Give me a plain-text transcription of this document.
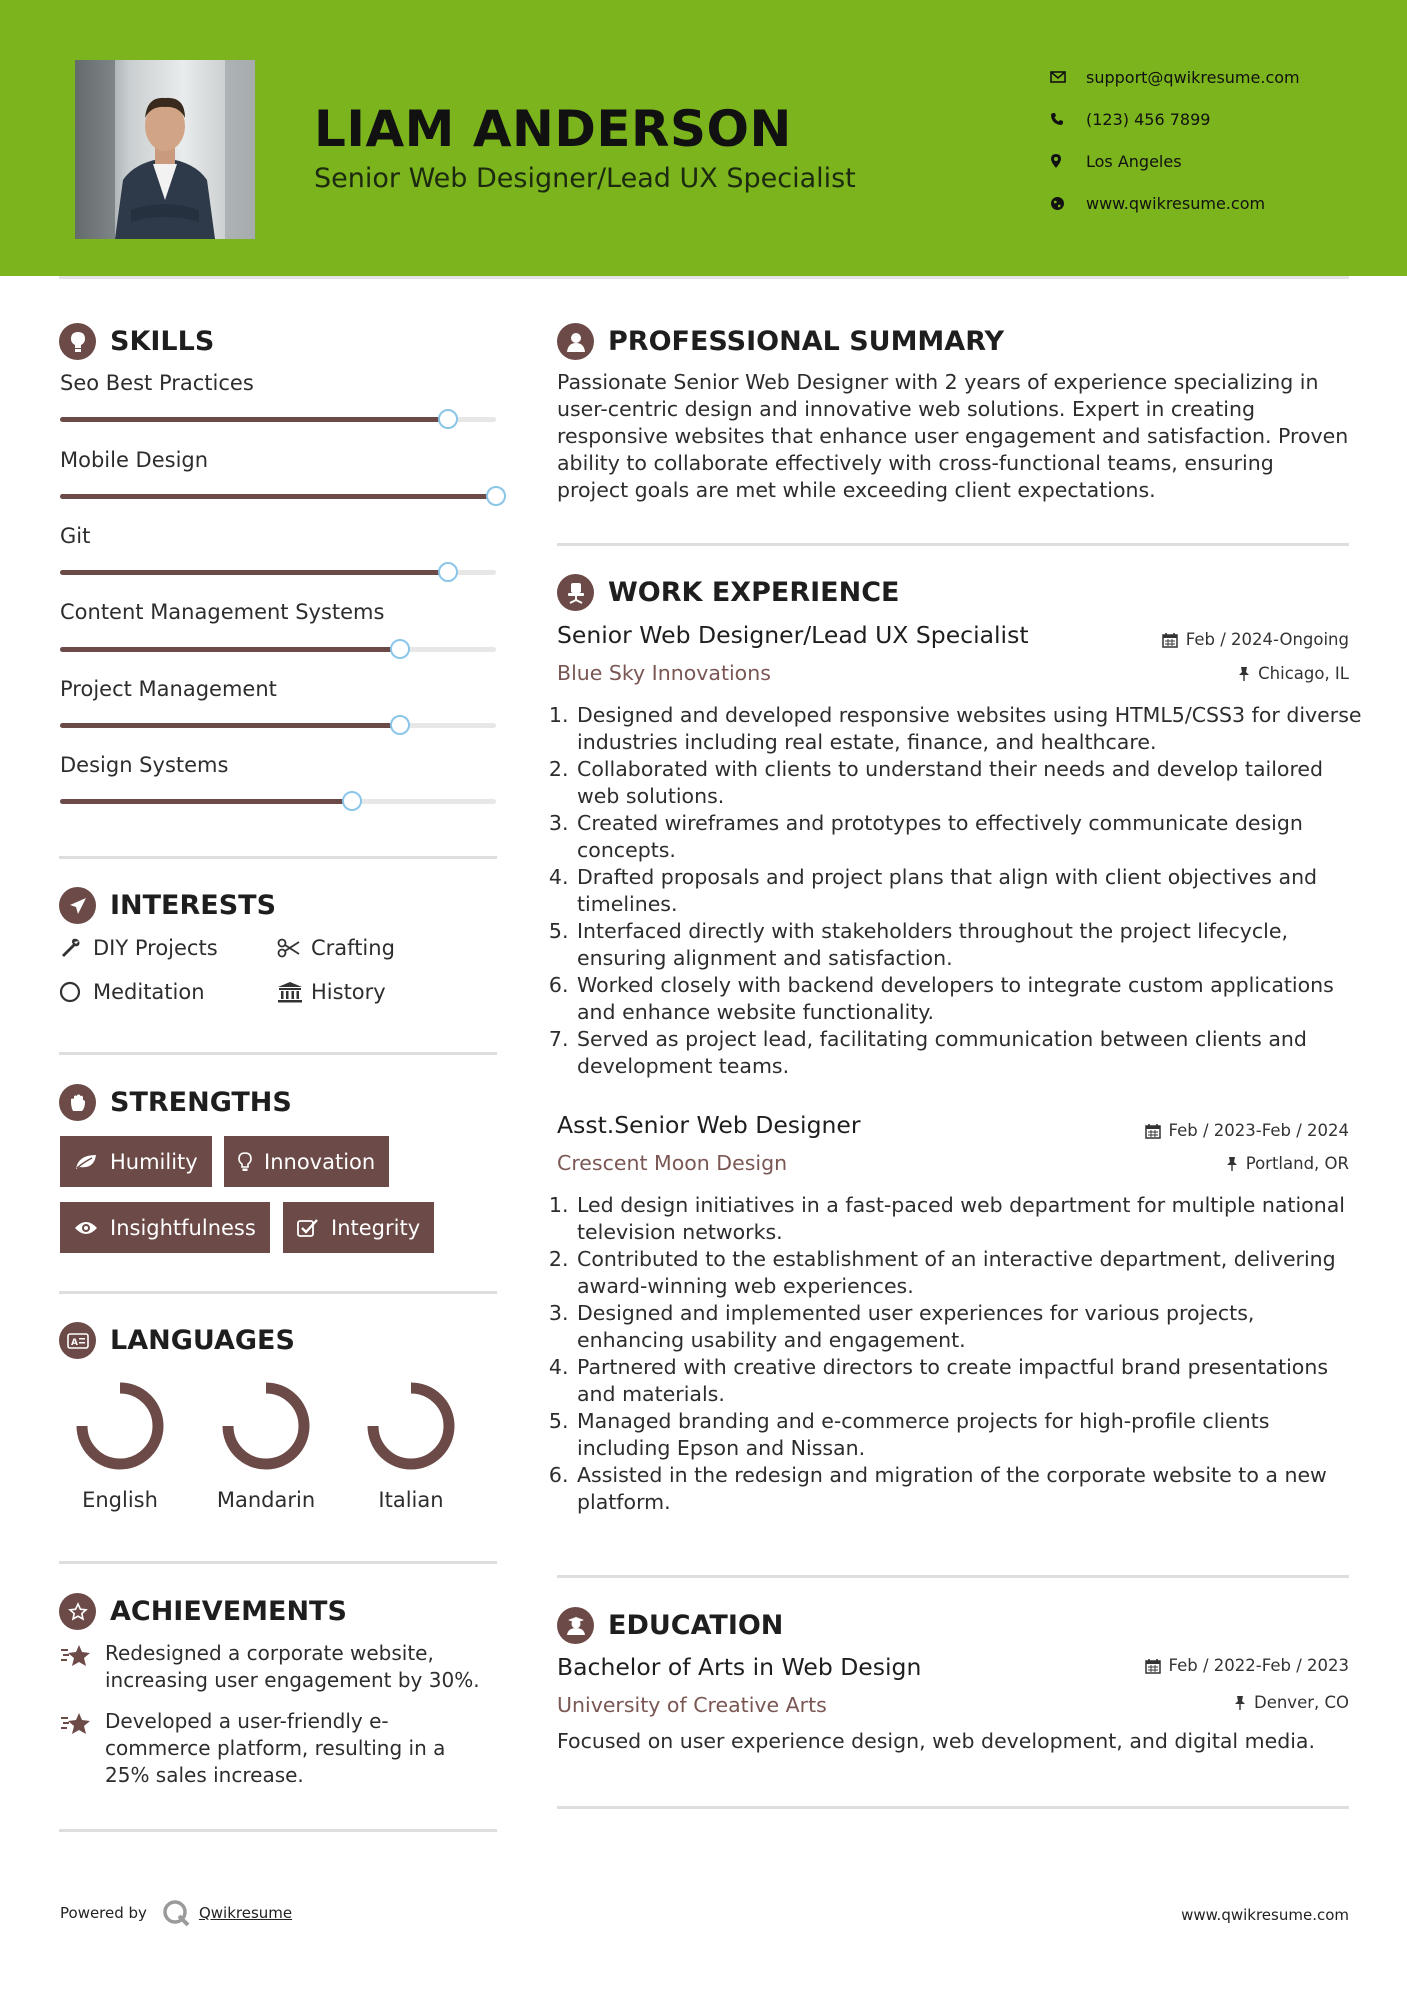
LIAM ANDERSON
Senior Web Designer/Lead UX Specialist
support@qwikresume.com
(123) 456 7899
Los Angeles
www.qwikresume.com
SKILLS
Seo Best Practices
Mobile Design
Git
Content Management Systems
Project Management
Design Systems
INTERESTS
DIY Projects	Crafting
Meditation	History
STRENGTHS
Humility	Innovation
Insightfulness	Integrity
A LANGUAGES
English	Mandarin	Italian
ACHIEVEMENTS
Redesigned a corporate website, increasing user engagement by 30%.
Developed a user-friendly e-commerce platform, resulting in a 25% sales increase.
PROFESSIONAL SUMMARY
Passionate Senior Web Designer with 2 years of experience specializing in user-centric design and innovative web solutions. Expert in creating responsive websites that enhance user engagement and satisfaction. Proven ability to collaborate effectively with cross-functional teams, ensuring project goals are met while exceeding client expectations.
WORK EXPERIENCE
Senior Web Designer/Lead UX Specialist	Feb / 2024-Ongoing
Blue Sky Innovations	Chicago, IL
1. Designed and developed responsive websites using HTML5/CSS3 for diverse industries including real estate, finance, and healthcare.
2. Collaborated with clients to understand their needs and develop tailored web solutions.
3. Created wireframes and prototypes to effectively communicate design concepts.
4. Drafted proposals and project plans that align with client objectives and timelines.
5. Interfaced directly with stakeholders throughout the project lifecycle, ensuring alignment and satisfaction.
6. Worked closely with backend developers to integrate custom applications and enhance website functionality.
7. Served as project lead, facilitating communication between clients and development teams.
Asst.Senior Web Designer	Feb / 2023-Feb / 2024
Crescent Moon Design	Portland, OR
1. Led design initiatives in a fast-paced web department for multiple national television networks.
2. Contributed to the establishment of an interactive department, delivering award-winning web experiences.
3. Designed and implemented user experiences for various projects, enhancing usability and engagement.
4. Partnered with creative directors to create impactful brand presentations and materials.
5. Managed branding and e-commerce projects for high-profile clients including Epson and Nissan.
6. Assisted in the redesign and migration of the corporate website to a new platform.
EDUCATION
Bachelor of Arts in Web Design	Feb / 2022-Feb / 2023
University of Creative Arts	Denver, CO
Focused on user experience design, web development, and digital media.
Powered by	Qwikresume	www.qwikresume.com
